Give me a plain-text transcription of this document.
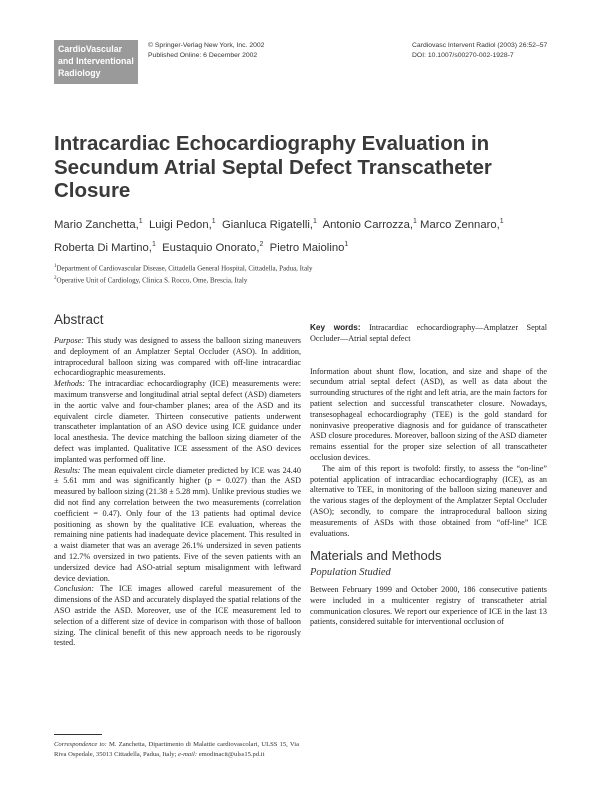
CardioVascular
and Interventional
Radiology
© Springer-Verlag New York, Inc. 2002
Published Online: 6 December 2002
Cardiovasc Intervent Radiol (2003) 26:52–57
DOI: 10.1007/s00270-002-1928-7
Intracardiac Echocardiography Evaluation in Secundum Atrial Septal Defect Transcatheter Closure
Mario Zanchetta,$^1$ Luigi Pedon,$^1$ Gianluca Rigatelli,$^1$ Antonio Carrozza,$^1$ Marco Zennaro,$^1$  Roberta Di Martino,$^1$ Eustaquio Onorato,$^2$ Pietro Maiolino$^1$
$^1$Department of Cardiovascular Disease, Cittadella General Hospital, Cittadella, Padua, Italy
$^2$Operative Unit of Cardiology, Clinica S. Rocco, Ome, Brescia, Italy
Abstract

Purpose: This study was designed to assess the balloon sizing maneuvers and deployment of an Amplatzer Septal Occluder (ASO). In addition, intraprocedural balloon sizing was compared with off-line intracardiac echocardiographic measurements.

Methods: The intracardiac echocardiography (ICE) measurements were: maximum transverse and longitudinal atrial septal defect (ASD) diameters in the aortic valve and four-chamber planes; area of the ASD and its equivalent circle diameter. Thirteen consecutive patients underwent transcatheter implantation of an ASO device using ICE guidance under local anesthesia. The device matching the balloon sizing diameter of the defect was implanted. Qualitative ICE assessment of the ASO devices implanted was performed off line.

Results: The mean equivalent circle diameter predicted by ICE was 24.40 ± 5.61 mm and was significantly higher (p = 0.027) than the ASD measured by balloon sizing (21.38 ± 5.28 mm). Unlike previous studies we did not find any correlation between the two measurements (correlation coefficient = 0.47). Only four of the 13 patients had optimal device positioning as shown by the qualitative ICE evaluation, whereas the remaining nine patients had inadequate device placement. This resulted in a waist diameter that was an average 26.1% undersized in seven patients and 12.7% oversized in two patients. Five of the seven patients with an undersized device had ASO-atrial septum misalignment with leftward device deviation.

Conclusion: The ICE images allowed careful measurement of the dimensions of the ASD and accurately displayed the spatial relations of the ASO astride the ASD. Moreover, use of the ICE measurement led to selection of a different size of device in comparison with those of balloon sizing. The clinical benefit of this new approach needs to be rigorously tested.

Key words: Intracardiac echocardiography—Amplatzer Septal Occluder—Atrial septal defect

Information about shunt flow, location, and size and shape of the secundum atrial septal defect (ASD), as well as data about the surrounding structures of the right and left atria, are the main factors for patient selection and successful transcatheter closure. Nowadays, transesophageal echocardiography (TEE) is the gold standard for noninvasive preoperative diagnosis and for guidance of transcatheter ASD closure procedures. Moreover, balloon sizing of the ASD diameter remains essential for the proper size selection of all transcatheter occlusion devices.

The aim of this report is twofold: firstly, to assess the “on-line” potential application of intracardiac echocardiography (ICE), as an alternative to TEE, in monitoring of the balloon sizing maneuver and the various stages of the deployment of the Amplatzer Septal Occluder (ASO); secondly, to compare the intraprocedural balloon sizing measurements of ASDs with those obtained from “off-line” ICE evaluations.

Materials and Methods
Population Studied

Between February 1999 and October 2000, 186 consecutive patients were included in a multicenter registry of transcatheter atrial communication closures. We report our experience of ICE in the last 13 patients, considered suitable for interventional occlusion of

Correspondence to: M. Zanchetta, Dipartimento di Malattie cardiovascolari, ULSS 15, Via Riva Ospedale, 35013 Cittadella, Padua, Italy; e-mail: emodinacit@ulss15.pd.it
